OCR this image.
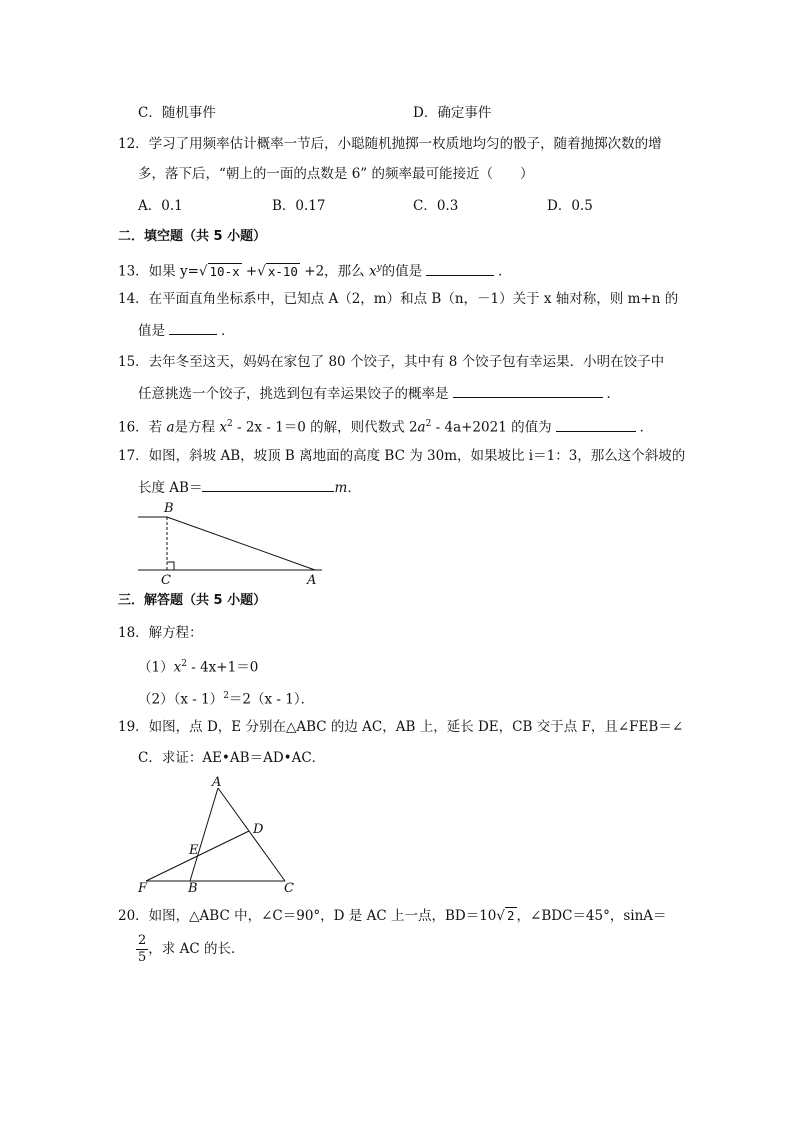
C．随机事件	D．确定事件
12．学习了用频率估计概率一节后，小聪随机抛掷一枚质地均匀的骰子，随着抛掷次数的增
多，落下后，“朝上的一面的点数是 6” 的频率最可能接近（　　）
A．0.1	B．0.17	C．0.3	D．0.5
二．填空题（共 5 小题）
13．如果 y=√ 10-x +√ x-10 +2，那么 $x^y$的值是	．
14．在平面直角坐标系中，已知点 A（2，m）和点 B（n，－1）关于 x 轴对称，则 m+n 的
值是	．
15．去年冬至这天，妈妈在家包了 80 个饺子，其中有 8 个饺子包有幸运果．小明在饺子中
任意挑选一个饺子，挑选到包有幸运果饺子的概率是	．
16．若 a是方程 $x^2 - 2x - 1=0$ 的解，则代数式 $2a^2 - 4a+2021$ 的值为	．
17．如图，斜坡 AB，坡顶 B 离地面的高度 BC 为 30m，如果坡比 i＝1：3，那么这个斜坡的
长度 AB＝	m．
B
C	A
三．解答题（共 5 小题）
18．解方程：
$(1)x^2 - 4x+1=0$
（2）（x - 1）$^2$＝2（x - 1）．
19．如图，点 D，E 分别在△ABC 的边 AC，AB 上，延长 DE，CB 交于点 F，且∠FEB＝∠
C．求证：AE•AB＝AD•AC．
A
D
E
F	B	C
20．如图，△ABC 中，∠C＝90°，D 是 AC 上一点，BD＝10√ 2 ，∠BDC＝45°，sinA＝
$\frac{2}{5}$ ，求 AC 的长．
